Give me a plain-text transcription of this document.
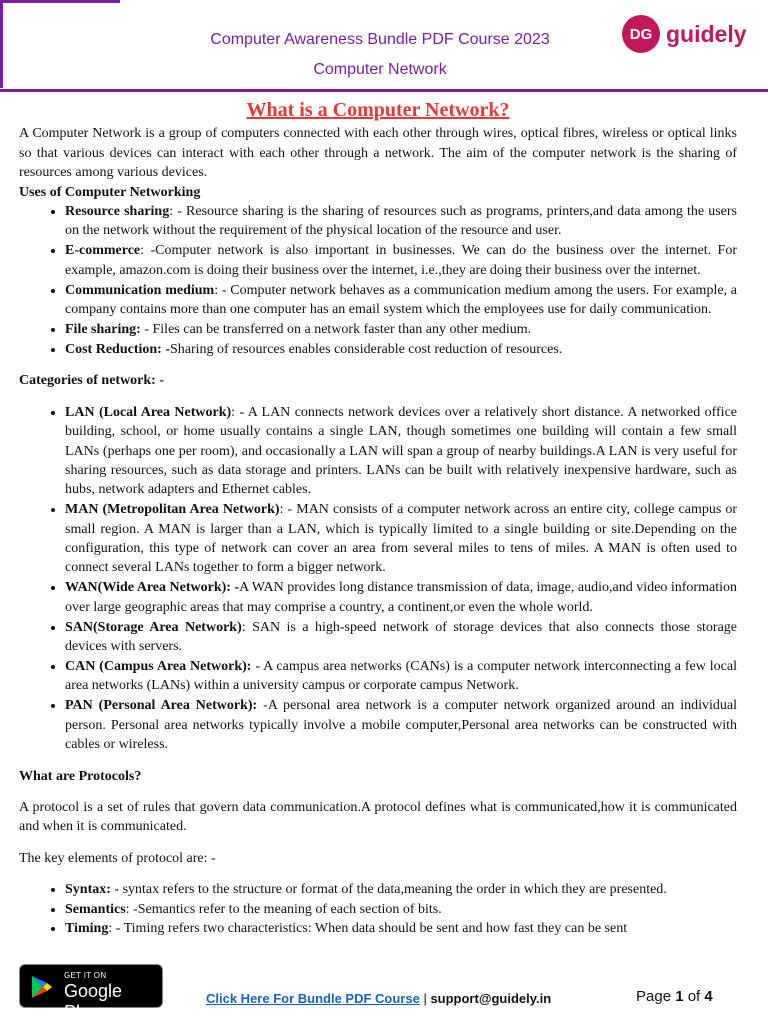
Computer Awareness Bundle PDF Course 2023
Computer Network
DG guidely
What is a Computer Network?

A Computer Network is a group of computers connected with each other through wires, optical fibres, wireless or optical links so that various devices can interact with each other through a network. The aim of the computer network is the sharing of resources among various devices.

Uses of Computer Networking

• Resource sharing: - Resource sharing is the sharing of resources such as programs, printers,and data among the users on the network without the requirement of the physical location of the resource and user.
• E-commerce: -Computer network is also important in businesses. We can do the business over the internet. For example, amazon.com is doing their business over the internet, i.e.,they are doing their business over the internet.
• Communication medium: - Computer network behaves as a communication medium among the users. For example, a company contains more than one computer has an email system which the employees use for daily communication.
• File sharing: - Files can be transferred on a network faster than any other medium.
• Cost Reduction: -Sharing of resources enables considerable cost reduction of resources.

Categories of network: -

• LAN (Local Area Network): - A LAN connects network devices over a relatively short distance. A networked office building, school, or home usually contains a single LAN, though sometimes one building will contain a few small LANs (perhaps one per room), and occasionally a LAN will span a group of nearby buildings.A LAN is very useful for sharing resources, such as data storage and printers. LANs can be built with relatively inexpensive hardware, such as hubs, network adapters and Ethernet cables.
• MAN (Metropolitan Area Network): - MAN consists of a computer network across an entire city, college campus or small region. A MAN is larger than a LAN, which is typically limited to a single building or site.Depending on the configuration, this type of network can cover an area from several miles to tens of miles. A MAN is often used to connect several LANs together to form a bigger network.
• WAN(Wide Area Network): -A WAN provides long distance transmission of data, image, audio,and video information over large geographic areas that may comprise a country, a continent,or even the whole world.
• SAN(Storage Area Network): SAN is a high-speed network of storage devices that also connects those storage devices with servers.
• CAN (Campus Area Network): - A campus area networks (CANs) is a computer network interconnecting a few local area networks (LANs) within a university campus or corporate campus Network.
• PAN (Personal Area Network): -A personal area network is a computer network organized around an individual person. Personal area networks typically involve a mobile computer,Personal area networks can be constructed with cables or wireless.

What are Protocols?

A protocol is a set of rules that govern data communication.A protocol defines what is communicated,how it is communicated and when it is communicated.

The key elements of protocol are: -

• Syntax: - syntax refers to the structure or format of the data,meaning the order in which they are presented.
• Semantics: -Semantics refer to the meaning of each section of bits.
• Timing: - Timing refers two characteristics: When data should be sent and how fast they can be sent
GET IT ON
Google Play
Click Here For Bundle PDF Course | support@guidely.in	Page 1 of 4
